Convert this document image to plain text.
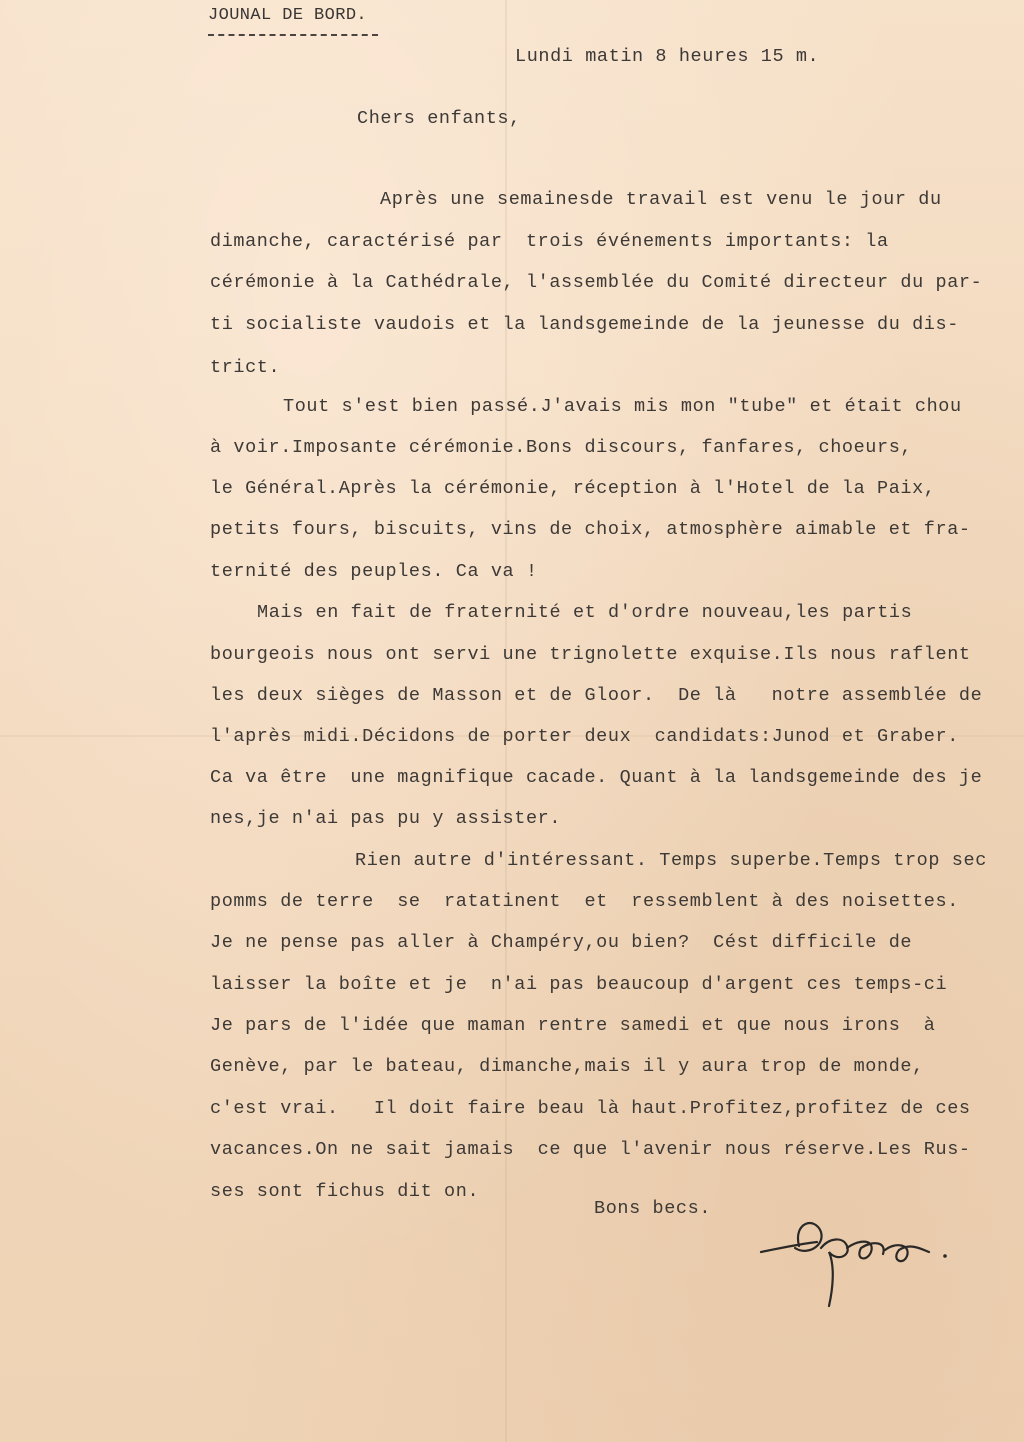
JOUNAL DE BORD.
Lundi matin 8 heures 15 m.
Chers enfants,
Après une semainesde travail est venu le jour du
dimanche, caractérisé par  trois événements importants: la
cérémonie à la Cathédrale, l'assemblée du Comité directeur du par-
ti socialiste vaudois et la landsgemeinde de la jeunesse du dis-
trict.
Tout s'est bien passé.J'avais mis mon "tube" et était chou
à voir.Imposante cérémonie.Bons discours, fanfares, choeurs,
le Général.Après la cérémonie, réception à l'Hotel de la Paix,
petits fours, biscuits, vins de choix, atmosphère aimable et fra-
ternité des peuples. Ca va !
Mais en fait de fraternité et d'ordre nouveau,les partis
bourgeois nous ont servi une trignolette exquise.Ils nous raflent
les deux sièges de Masson et de Gloor.  De là   notre assemblée de
l'après midi.Décidons de porter deux  candidats:Junod et Graber.
Ca va être  une magnifique cacade. Quant à la landsgemeinde des je
nes,je n'ai pas pu y assister.
Rien autre d'intéressant. Temps superbe.Temps trop sec
pomms de terre  se  ratatinent  et  ressemblent à des noisettes.
Je ne pense pas aller à Champéry,ou bien?  Cést difficile de
laisser la boîte et je  n'ai pas beaucoup d'argent ces temps-ci
Je pars de l'idée que maman rentre samedi et que nous irons  à
Genève, par le bateau, dimanche,mais il y aura trop de monde,
c'est vrai.   Il doit faire beau là haut.Profitez,profitez de ces
vacances.On ne sait jamais  ce que l'avenir nous réserve.Les Rus-
ses sont fichus dit on.
Bons becs.
